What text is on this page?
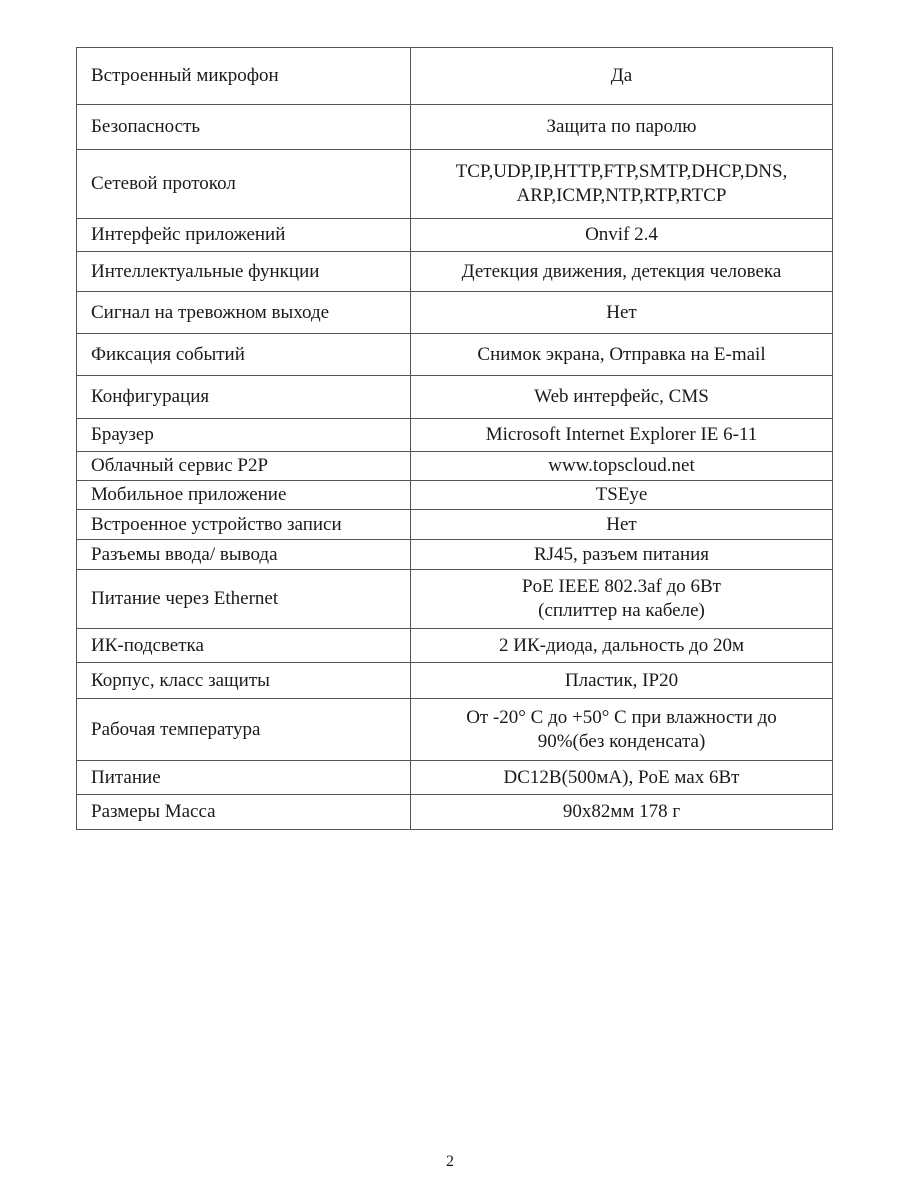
Встроенный микрофон	Да
Безопасность	Защита по паролю
Сетевой протокол	TCP,UDP,IP,HTTP,FTP,SMTP,DHCP,DNS,
ARP,ICMP,NTP,RTP,RTCP
Интерфейс приложений	Onvif 2.4
Интеллектуальные функции	Детекция движения, детекция человека
Сигнал на тревожном выходе	Нет
Фиксация событий	Снимок экрана, Отправка на E-mail
Конфигурация	Web интерфейс, CMS
Браузер	Microsoft Internet Explorer IE 6-11
Облачный сервис P2P	www.topscloud.net
Мобильное приложение	TSEye
Встроенное устройство записи	Нет
Разъемы ввода/ вывода	RJ45, разъем питания
Питание через Ethernet	PoE IEEE 802.3af до 6Вт
(сплиттер на кабеле)
ИК-подсветка	2 ИК-диода, дальность до 20м
Корпус, класс защиты	Пластик, IP20
Рабочая температура	От -20° С до +50° С при влажности до
90%(без конденсата)
Питание	DC12В(500мА), PoE мах 6Вт
Размеры Масса	90х82мм 178 г
2
